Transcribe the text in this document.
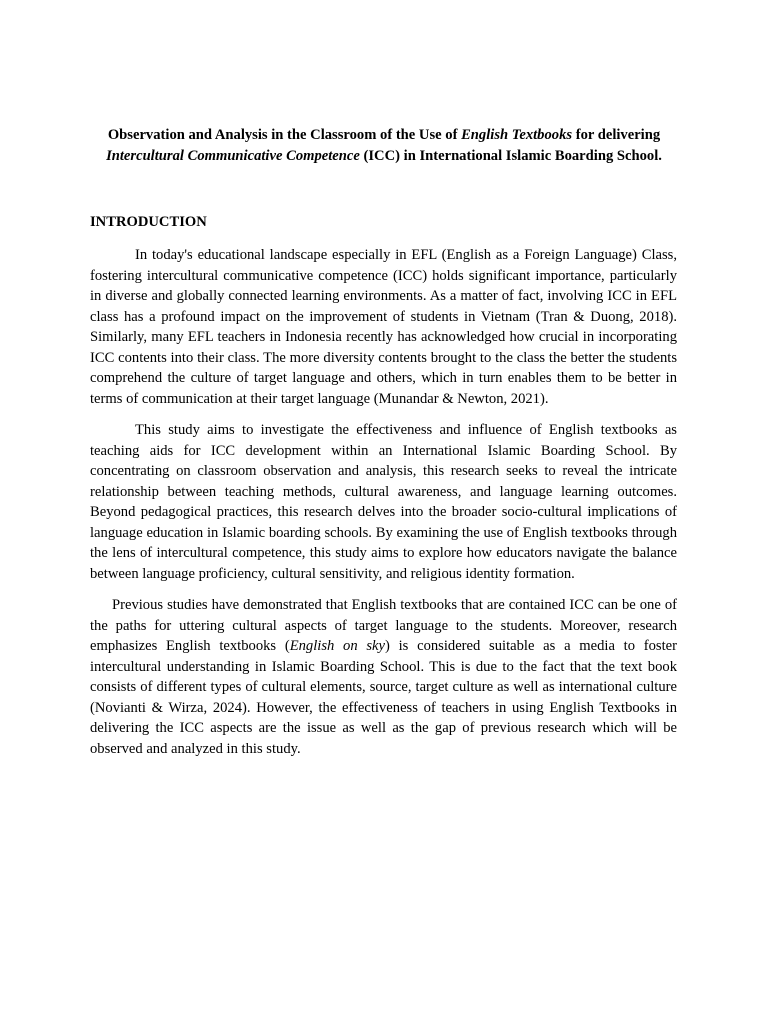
Observation and Analysis in the Classroom of the Use of English Textbooks for delivering
Intercultural Communicative Competence (ICC) in International Islamic Boarding School.

INTRODUCTION

In today's educational landscape especially in EFL (English as a Foreign Language) Class, fostering intercultural communicative competence (ICC) holds significant importance, particularly in diverse and globally connected learning environments. As a matter of fact, involving ICC in EFL class has a profound impact on the improvement of students in Vietnam (Tran & Duong, 2018). Similarly, many EFL teachers in Indonesia recently has acknowledged how crucial in incorporating ICC contents into their class. The more diversity contents brought to the class the better the students comprehend the culture of target language and others, which in turn enables them to be better in terms of communication at their target language (Munandar & Newton, 2021).

This study aims to investigate the effectiveness and influence of English textbooks as teaching aids for ICC development within an International Islamic Boarding School. By concentrating on classroom observation and analysis, this research seeks to reveal the intricate relationship between teaching methods, cultural awareness, and language learning outcomes. Beyond pedagogical practices, this research delves into the broader socio-cultural implications of language education in Islamic boarding schools. By examining the use of English textbooks through the lens of intercultural competence, this study aims to explore how educators navigate the balance between language proficiency, cultural sensitivity, and religious identity formation.

Previous studies have demonstrated that English textbooks that are contained ICC can be one of the paths for uttering cultural aspects of target language to the students. Moreover, research emphasizes English textbooks (English on sky) is considered suitable as a media to foster intercultural understanding in Islamic Boarding School. This is due to the fact that the text book consists of different types of cultural elements, source, target culture as well as international culture (Novianti & Wirza, 2024). However, the effectiveness of teachers in using English Textbooks in delivering the ICC aspects are the issue as well as the gap of previous research which will be observed and analyzed in this study.
